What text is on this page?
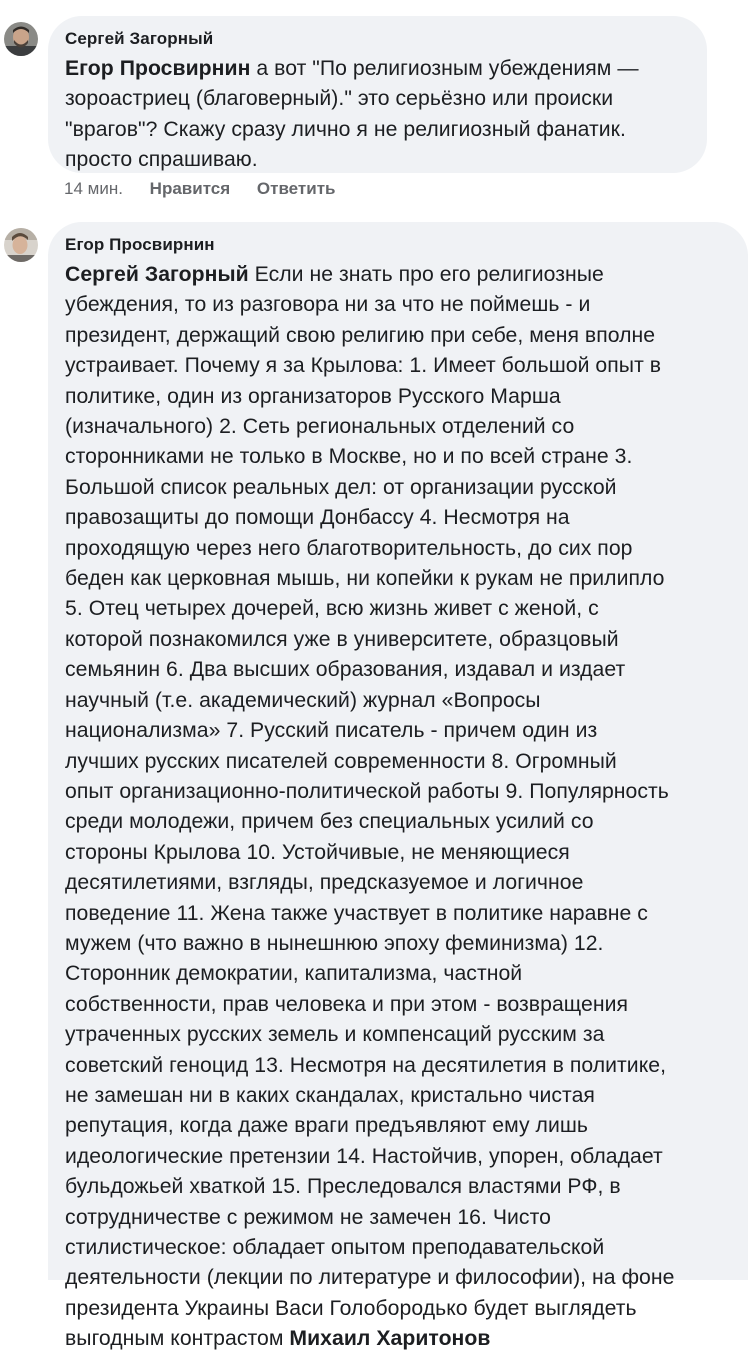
Сергей Загорный
Егор Просвирнин а вот "По религиозным убеждениям —
зороастриец (благоверный)." это серьёзно или происки
"врагов"? Скажу сразу лично я не религиозный фанатик.
просто спрашиваю.
14 мин. Нравится Ответить
Егор Просвирнин
Сергей Загорный Если не знать про его религиозные
убеждения, то из разговора ни за что не поймешь - и
президент, держащий свою религию при себе, меня вполне
устраивает. Почему я за Крылова: 1. Имеет большой опыт в
политике, один из организаторов Русского Марша
(изначального) 2. Сеть региональных отделений со
сторонниками не только в Москве, но и по всей стране 3.
Большой список реальных дел: от организации русской
правозащиты до помощи Донбассу 4. Несмотря на
проходящую через него благотворительность, до сих пор
беден как церковная мышь, ни копейки к рукам не прилипло
5. Отец четырех дочерей, всю жизнь живет с женой, с
которой познакомился уже в университете, образцовый
семьянин 6. Два высших образования, издавал и издает
научный (т.е. академический) журнал «Вопросы
национализма» 7. Русский писатель - причем один из
лучших русских писателей современности 8. Огромный
опыт организационно-политической работы 9. Популярность
среди молодежи, причем без специальных усилий со
стороны Крылова 10. Устойчивые, не меняющиеся
десятилетиями, взгляды, предсказуемое и логичное
поведение 11. Жена также участвует в политике наравне с
мужем (что важно в нынешнюю эпоху феминизма) 12.
Сторонник демократии, капитализма, частной
собственности, прав человека и при этом - возвращения
утраченных русских земель и компенсаций русским за
советский геноцид 13. Несмотря на десятилетия в политике,
не замешан ни в каких скандалах, кристально чистая
репутация, когда даже враги предъявляют ему лишь
идеологические претензии 14. Настойчив, упорен, обладает
бульдожьей хваткой 15. Преследовался властями РФ, в
сотрудничестве с режимом не замечен 16. Чисто
стилистическое: обладает опытом преподавательской
деятельности (лекции по литературе и философии), на фоне
президента Украины Васи Голобородько будет выглядеть
выгодным контрастом Михаил Харитонов
